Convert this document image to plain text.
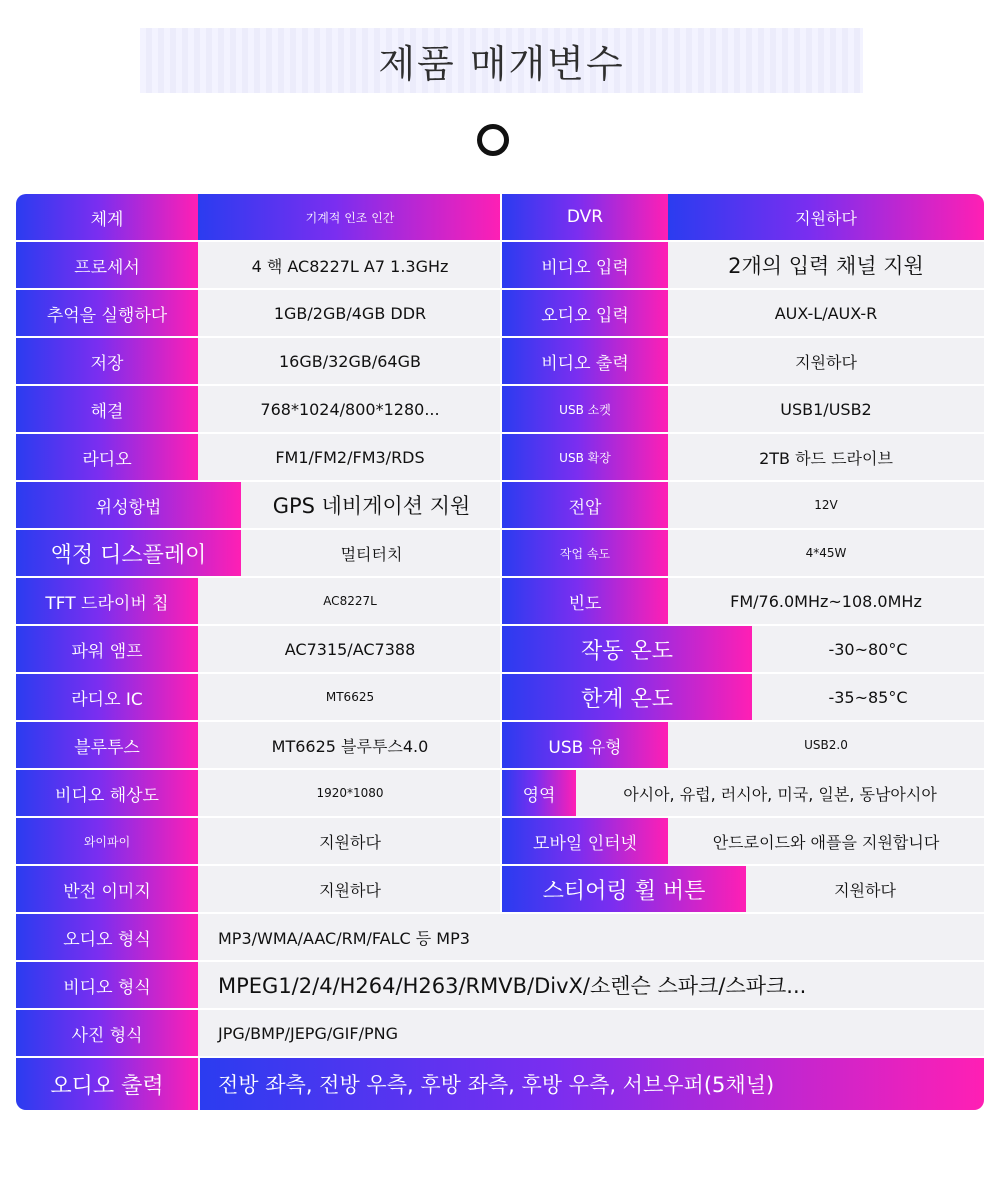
제품 매개변수
체계	기계적 인조 인간	DVR	지원하다
프로세서	4 핵 AC8227L A7 1.3GHz	비디오 입력	2개의 입력 채널 지원
추억을 실행하다	1GB/2GB/4GB DDR	오디오 입력	AUX-L/AUX-R
저장	16GB/32GB/64GB	비디오 출력	지원하다
해결	768*1024/800*1280...	USB 소켓	USB1/USB2
라디오	FM1/FM2/FM3/RDS	USB 확장	2TB 하드 드라이브
위성항법	GPS 네비게이션 지원	전압	12V
액정 디스플레이	멀티터치	작업 속도	4*45W
TFT 드라이버 칩	AC8227L	빈도	FM/76.0MHz~108.0MHz
파워 앰프	AC7315/AC7388	작동 온도	-30~80°C
라디오 IC	MT6625	한계 온도	-35~85°C
블루투스	MT6625 블루투스4.0	USB 유형	USB2.0
비디오 해상도	1920*1080	영역	아시아, 유럽, 러시아, 미국, 일본, 동남아시아
와이파이	지원하다	모바일 인터넷	안드로이드와 애플을 지원합니다
반전 이미지	지원하다	스티어링 휠 버튼	지원하다
오디오 형식	MP3/WMA/AAC/RM/FALC 등 MP3
비디오 형식	MPEG1/2/4/H264/H263/RMVB/DivX/소렌슨 스파크/스파크...
사진 형식	JPG/BMP/JEPG/GIF/PNG
오디오 출력	전방 좌측, 전방 우측, 후방 좌측, 후방 우측, 서브우퍼(5채널)
